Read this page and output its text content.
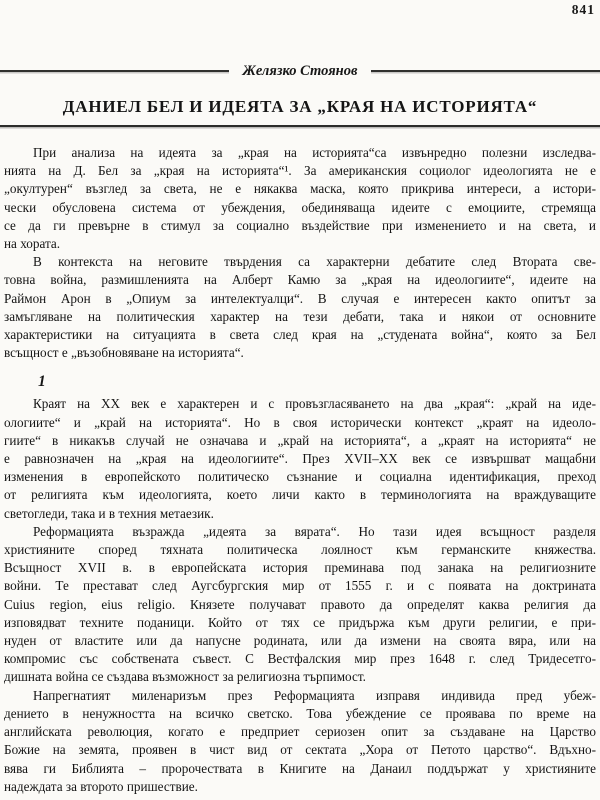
841
Желязко Стоянов
ДАНИЕЛ БЕЛ И ИДЕЯТА ЗА „КРАЯ НА ИСТОРИЯТА“
При анализа на идеята за „края на историята“са извънредно полезни изследва-
нията на Д. Бел за „края на историята“¹. За американския социолог идеологията не е
„окултурен“ възглед за света, не е някаква маска, която прикрива интереси, а истори-
чески обусловена система от убеждения, обединяваща идеите с емоциите, стремяща
се да ги превърне в стимул за социално въздействие при изменението и на света, и
на хората.
В контекста на неговите твърдения са характерни дебатите след Втората све-
товна война, размишленията на Алберт Камю за „края на идеологиите“, идеите на
Раймон Арон в „Опиум за интелектуалци“. В случая е интересен както опитът за
замъгляване на политическия характер на тези дебати, така и някои от основните
характеристики на ситуацията в света след края на „студената война“, която за Бел
всъщност е „възобновяване на историята“.
1
Краят на XX век е характерен и с провъзгласяването на два „края“: „край на иде-
ологиите“ и „край на историята“. Но в своя исторически контекст „краят на идеоло-
гиите“ в никакъв случай не означава и „край на историята“, а „краят на историята“ не
е равнозначен на „края на идеологиите“. През XVII–XX век се извършват мащабни
изменения в европейското политическо съзнание и социална идентификация, преход
от религията към идеологията, което личи както в терминологията на враждуващите
светогледи, така и в техния метаезик.
Реформацията възражда „идеята за вярата“. Но тази идея всъщност разделя
християните според тяхната политическа лоялност към германските княжества.
Всъщност XVII в. в европейската история преминава под занака на религиозните
войни. Те престават след Аугсбургския мир от 1555 г. и с появата на доктрината
Cuius region, eius religio. Князете получават правото да определят каква религия да
изповядват техните поданици. Който от тях се придържа към други религии, е при-
нуден от властите или да напусне родината, или да измени на своята вяра, или на
компромис със собствената съвест. С Вестфалския мир през 1648 г. след Тридесетго-
дишната война се създава възможност за религиозна търпимост.
Напрегнатият миленаризъм през Реформацията изправя индивида пред убеж-
дението в ненужността на всичко светско. Това убеждение се проявава по време на
английската революция, когато е предприет сериозен опит за създаване на Царство
Божие на земята, проявен в чист вид от сектата „Хора от Петото царство“. Вдъхно-
вява ги Библията – пророчествата в Книгите на Данаил поддържат у християните
надеждата за второто пришествие.
